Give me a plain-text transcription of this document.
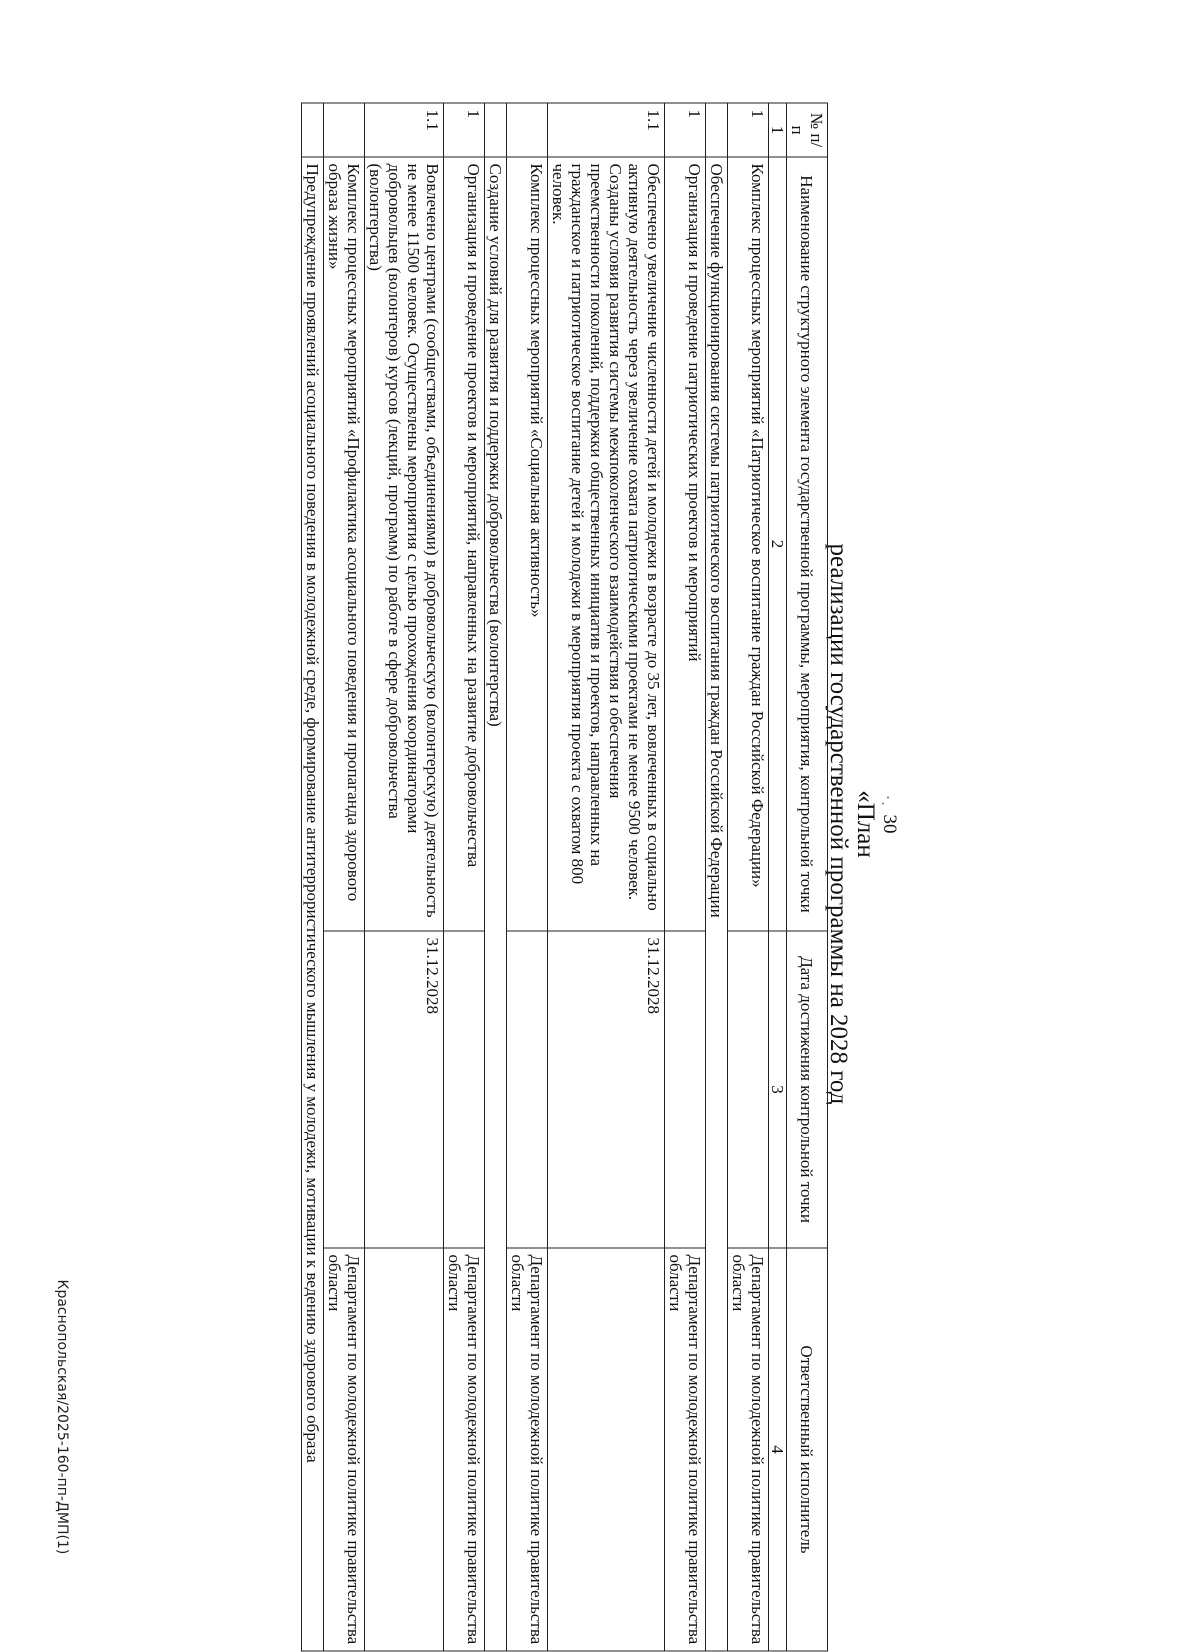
30
«План
реализации государственной программы на 2028 год
№ п/п	Наименование структурного элемента государственной программы, мероприятия, контрольной точки	Дата достижения контрольной точки	Ответственный исполнитель
1	2	3	4
1	Комплекс процессных мероприятий «Патриотическое воспитание граждан Российской Федерации»		Департамент по молодежной политике правительства области
	Обеспечение функционирования системы патриотического воспитания граждан Российской Федерации		
1	Организация и проведение патриотических проектов и мероприятий		Департамент по молодежной политике правительства области
1.1	Обеспечено увеличение численности детей и молодежи в возрасте до 35 лет, вовлеченных в социально активную деятельность через увеличение охвата патриотическими проектами не менее 9500 человек. Созданы условия развития системы межпоколенческого взаимодействия и обеспечения преемственности поколений, поддержки общественных инициатив и проектов, направленных на гражданское и патриотическое воспитание детей и молодежи в мероприятия проекта с охватом 800 человек.	31.12.2028	
	Комплекс процессных мероприятий «Социальная активность»		Департамент по молодежной политике правительства области
	Создание условий для развития и поддержки добровольчества (волонтерства)		
1	Организация и проведение проектов и мероприятий, направленных на развитие добровольчества		Департамент по молодежной политике правительства области
1.1	Вовлечено центрами (сообществами, объединениями) в добровольческую (волонтерскую) деятельность не менее 11500 человек. Осуществлены мероприятия с целью прохождения координаторами добровольцев (волонтеров) курсов (лекций, программ) по работе в сфере добровольчества (волонтерства)	31.12.2028	
	Комплекс процессных мероприятий «Профилактика асоциального поведения и пропаганда здорового образа жизни»		Департамент по молодежной политике правительства области
	Предупреждение проявлений асоциального поведения в молодежной среде, формирование антитеррористического мышления у молодежи, мотивации к ведению здорового образа		
Краснопольская/2025-160-пп-ДМП(1)
